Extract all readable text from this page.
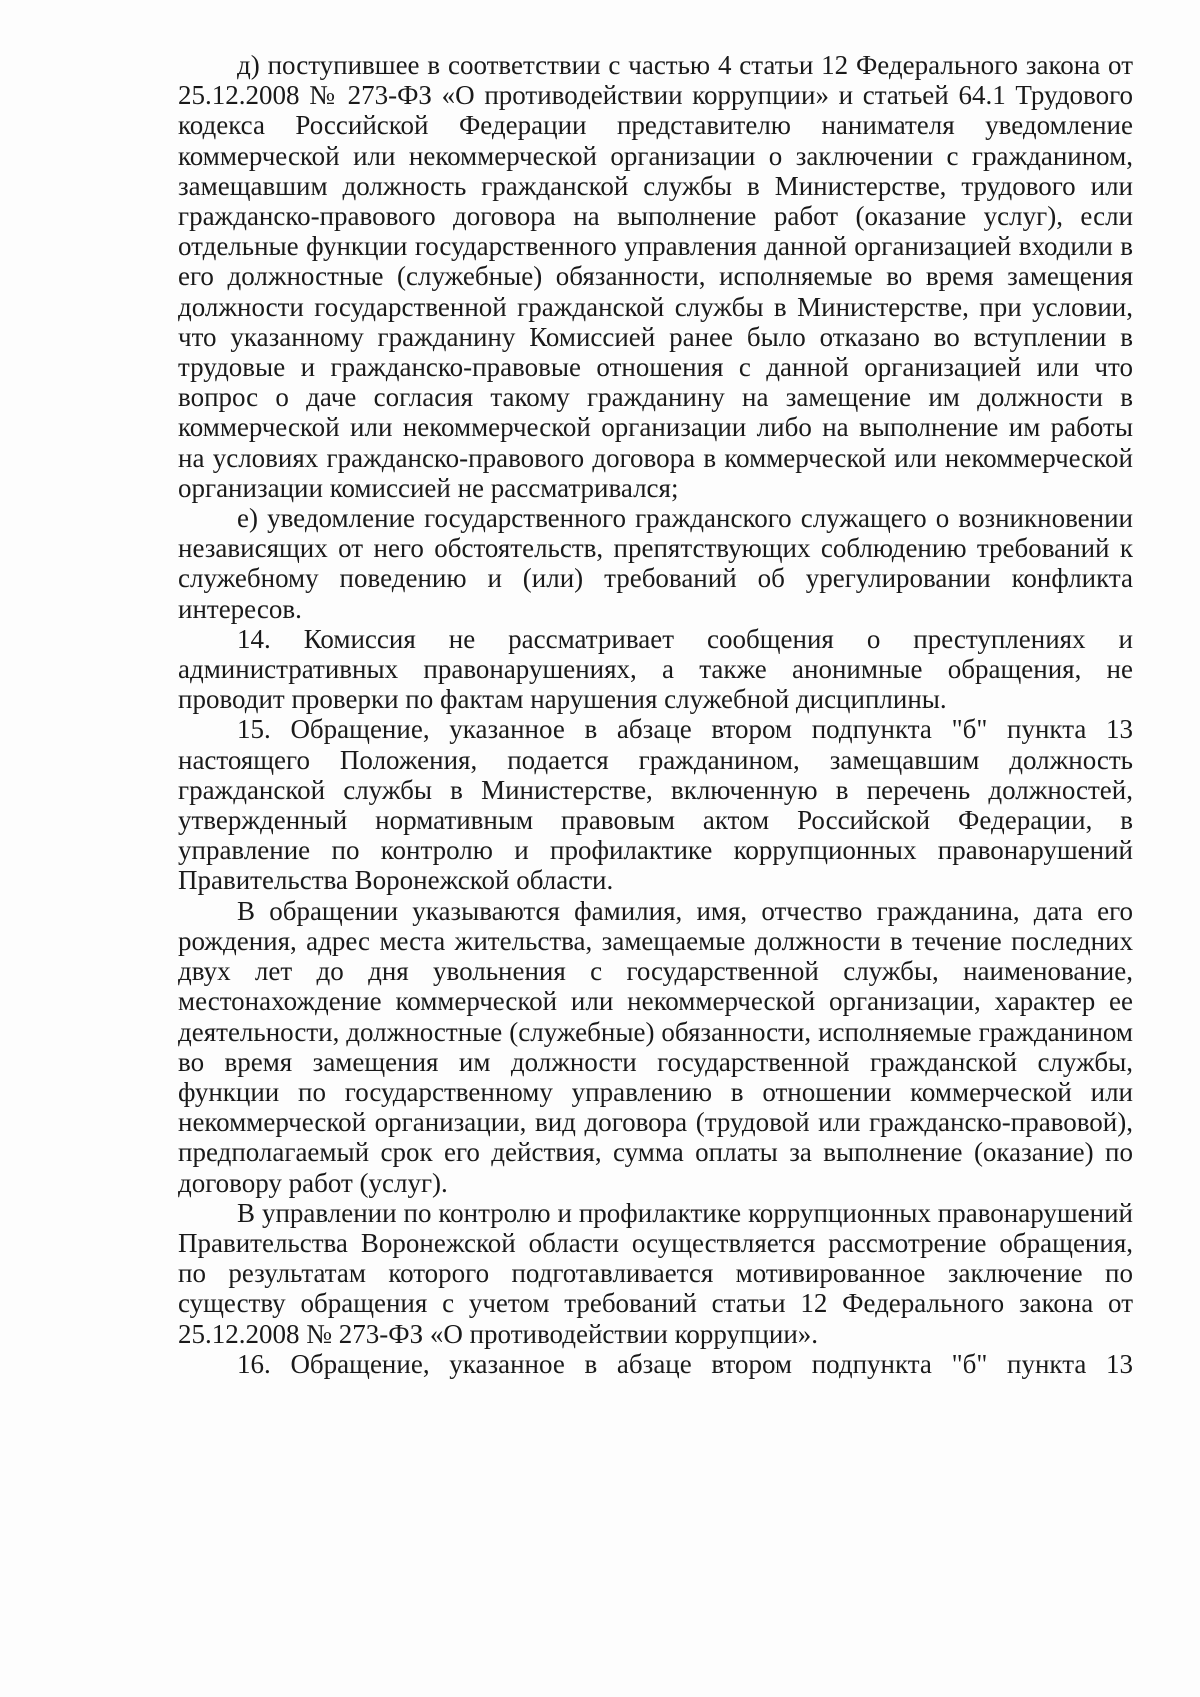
д) поступившее в соответствии с частью 4 статьи 12 Федерального закона от 25.12.2008 № 273-ФЗ «О противодействии коррупции» и статьей 64.1 Трудового кодекса Российской Федерации представителю нанимателя уведомление коммерческой или некоммерческой организации о заключении с гражданином, замещавшим должность гражданской службы в Министерстве, трудового или гражданско-правового договора на выполнение работ (оказание услуг), если отдельные функции государственного управления данной организацией входили в его должностные (служебные) обязанности, исполняемые во время замещения должности государственной гражданской службы в Министерстве, при условии, что указанному гражданину Комиссией ранее было отказано во вступлении в трудовые и гражданско-правовые отношения с данной организацией или что вопрос о даче согласия такому гражданину на замещение им должности в коммерческой или некоммерческой организации либо на выполнение им работы на условиях гражданско-правового договора в коммерческой или некоммерческой организации комиссией не рассматривался;

е) уведомление государственного гражданского служащего о возникновении независящих от него обстоятельств, препятствующих соблюдению требований к служебному поведению и (или) требований об урегулировании конфликта интересов.

14. Комиссия не рассматривает сообщения о преступлениях и административных правонарушениях, а также анонимные обращения, не проводит проверки по фактам нарушения служебной дисциплины.

15. Обращение, указанное в абзаце втором подпункта "б" пункта 13 настоящего Положения, подается гражданином, замещавшим должность гражданской службы в Министерстве, включенную в перечень должностей, утвержденный нормативным правовым актом Российской Федерации, в управление по контролю и профилактике коррупционных правонарушений Правительства Воронежской области.

В обращении указываются фамилия, имя, отчество гражданина, дата его рождения, адрес места жительства, замещаемые должности в течение последних двух лет до дня увольнения с государственной службы, наименование, местонахождение коммерческой или некоммерческой организации, характер ее деятельности, должностные (служебные) обязанности, исполняемые гражданином во время замещения им должности государственной гражданской службы, функции по государственному управлению в отношении коммерческой или некоммерческой организации, вид договора (трудовой или гражданско-правовой), предполагаемый срок его действия, сумма оплаты за выполнение (оказание) по договору работ (услуг).

В управлении по контролю и профилактике коррупционных правонарушений Правительства Воронежской области осуществляется рассмотрение обращения, по результатам которого подготавливается мотивированное заключение по существу обращения с учетом требований статьи 12 Федерального закона от 25.12.2008 № 273-ФЗ «О противодействии коррупции».

16. Обращение, указанное в абзаце втором подпункта "б" пункта 13
